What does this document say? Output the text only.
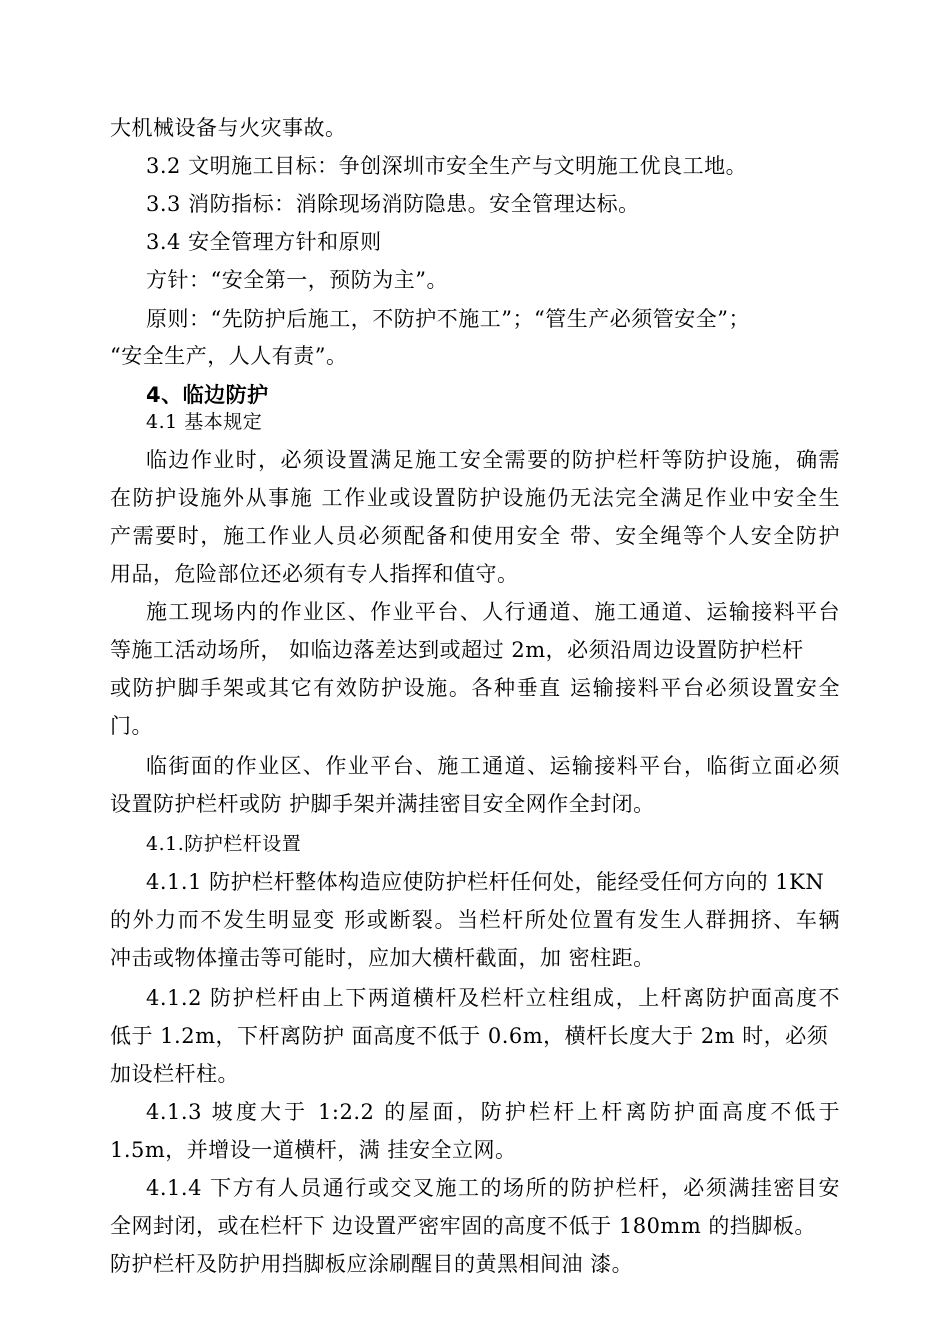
大机械设备与火灾事故。
3.2 文明施工目标：争创深圳市安全生产与文明施工优良工地。
3.3 消防指标：消除现场消防隐患。安全管理达标。
3.4 安全管理方针和原则
方针：“安全第一，预防为主”。
原则：“先防护后施工，不防护不施工”；“管生产必须管安全”；
“安全生产，人人有责”。
4、临边防护
4.1 基本规定
临边作业时，必须设置满足施工安全需要的防护栏杆等防护设施，确需
在防护设施外从事施 工作业或设置防护设施仍无法完全满足作业中安全生
产需要时，施工作业人员必须配备和使用安全 带、安全绳等个人安全防护
用品，危险部位还必须有专人指挥和值守。
施工现场内的作业区、作业平台、人行通道、施工通道、运输接料平台
等施工活动场所， 如临边落差达到或超过 2m，必须沿周边设置防护栏杆
或防护脚手架或其它有效防护设施。各种垂直 运输接料平台必须设置安全
门。
临街面的作业区、作业平台、施工通道、运输接料平台，临街立面必须
设置防护栏杆或防 护脚手架并满挂密目安全网作全封闭。
4.1.防护栏杆设置
4.1.1 防护栏杆整体构造应使防护栏杆任何处，能经受任何方向的 1KN
的外力而不发生明显变 形或断裂。当栏杆所处位置有发生人群拥挤、车辆
冲击或物体撞击等可能时，应加大横杆截面，加 密柱距。
4.1.2 防护栏杆由上下两道横杆及栏杆立柱组成，上杆离防护面高度不
低于 1.2m，下杆离防护 面高度不低于 0.6m，横杆长度大于 2m 时，必须
加设栏杆柱。
4.1.3 坡度大于 1:2.2 的屋面，防护栏杆上杆离防护面高度不低于
1.5m，并增设一道横杆，满 挂安全立网。
4.1.4 下方有人员通行或交叉施工的场所的防护栏杆，必须满挂密目安
全网封闭，或在栏杆下 边设置严密牢固的高度不低于 180mm 的挡脚板。
防护栏杆及防护用挡脚板应涂刷醒目的黄黑相间油 漆。
